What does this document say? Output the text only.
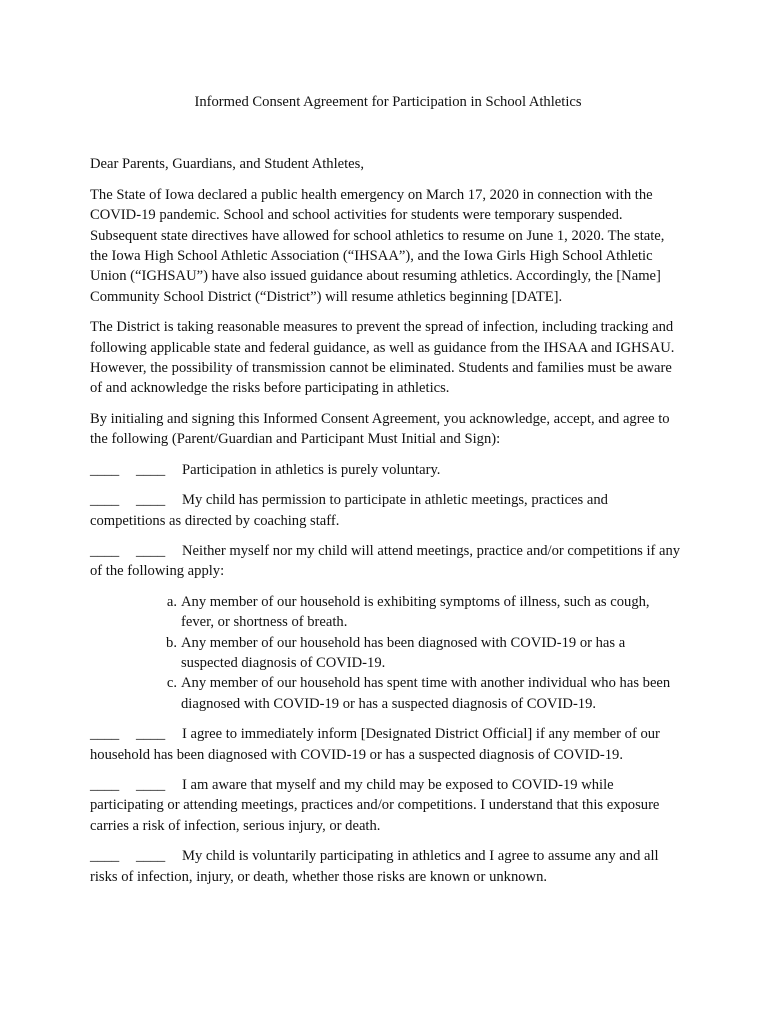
Informed Consent Agreement for Participation in School Athletics

Dear Parents, Guardians, and Student Athletes,

The State of Iowa declared a public health emergency on March 17, 2020 in connection with the COVID-19 pandemic. School and school activities for students were temporary suspended. Subsequent state directives have allowed for school athletics to resume on June 1, 2020. The state, the Iowa High School Athletic Association (“IHSAA”), and the Iowa Girls High School Athletic Union (“IGHSAU”) have also issued guidance about resuming athletics. Accordingly, the [Name] Community School District (“District”) will resume athletics beginning [DATE].

The District is taking reasonable measures to prevent the spread of infection, including tracking and following applicable state and federal guidance, as well as guidance from the IHSAA and IGHSAU. However, the possibility of transmission cannot be eliminated. Students and families must be aware of and acknowledge the risks before participating in athletics.

By initialing and signing this Informed Consent Agreement, you acknowledge, accept, and agree to the following (Parent/Guardian and Participant Must Initial and Sign):

____ ____ Participation in athletics is purely voluntary.

____ ____ My child has permission to participate in athletic meetings, practices and competitions as directed by coaching staff.

____ ____ Neither myself nor my child will attend meetings, practice and/or competitions if any of the following apply:

a. Any member of our household is exhibiting symptoms of illness, such as cough, fever, or shortness of breath.
b. Any member of our household has been diagnosed with COVID-19 or has a suspected diagnosis of COVID-19.
c. Any member of our household has spent time with another individual who has been diagnosed with COVID-19 or has a suspected diagnosis of COVID-19.

____ ____ I agree to immediately inform [Designated District Official] if any member of our household has been diagnosed with COVID-19 or has a suspected diagnosis of COVID-19.

____ ____ I am aware that myself and my child may be exposed to COVID-19 while participating or attending meetings, practices and/or competitions. I understand that this exposure carries a risk of infection, serious injury, or death.

____ ____ My child is voluntarily participating in athletics and I agree to assume any and all risks of infection, injury, or death, whether those risks are known or unknown.
